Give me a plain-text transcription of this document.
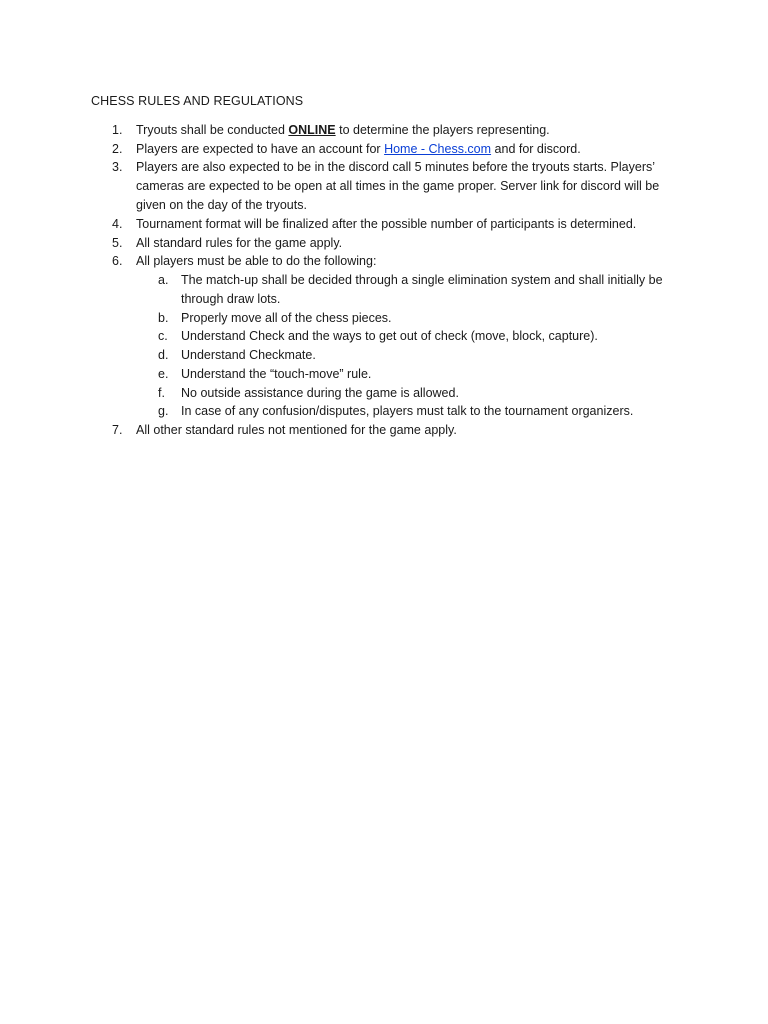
CHESS RULES AND REGULATIONS
1.	Tryouts shall be conducted ONLINE to determine the players representing.
2.	Players are expected to have an account for Home - Chess.com and for discord.
3.	Players are also expected to be in the discord call 5 minutes before the tryouts starts. Players’
cameras are expected to be open at all times in the game proper. Server link for discord will be
given on the day of the tryouts.
4.	Tournament format will be finalized after the possible number of participants is determined.
5.	All standard rules for the game apply.
6.	All players must be able to do the following:
a.	The match-up shall be decided through a single elimination system and shall initially be
through draw lots.
b.	Properly move all of the chess pieces.
c.	Understand Check and the ways to get out of check (move, block, capture).
d.	Understand Checkmate.
e.	Understand the “touch-move” rule.
f.	No outside assistance during the game is allowed.
g.	In case of any confusion/disputes, players must talk to the tournament organizers.
7.	All other standard rules not mentioned for the game apply.
